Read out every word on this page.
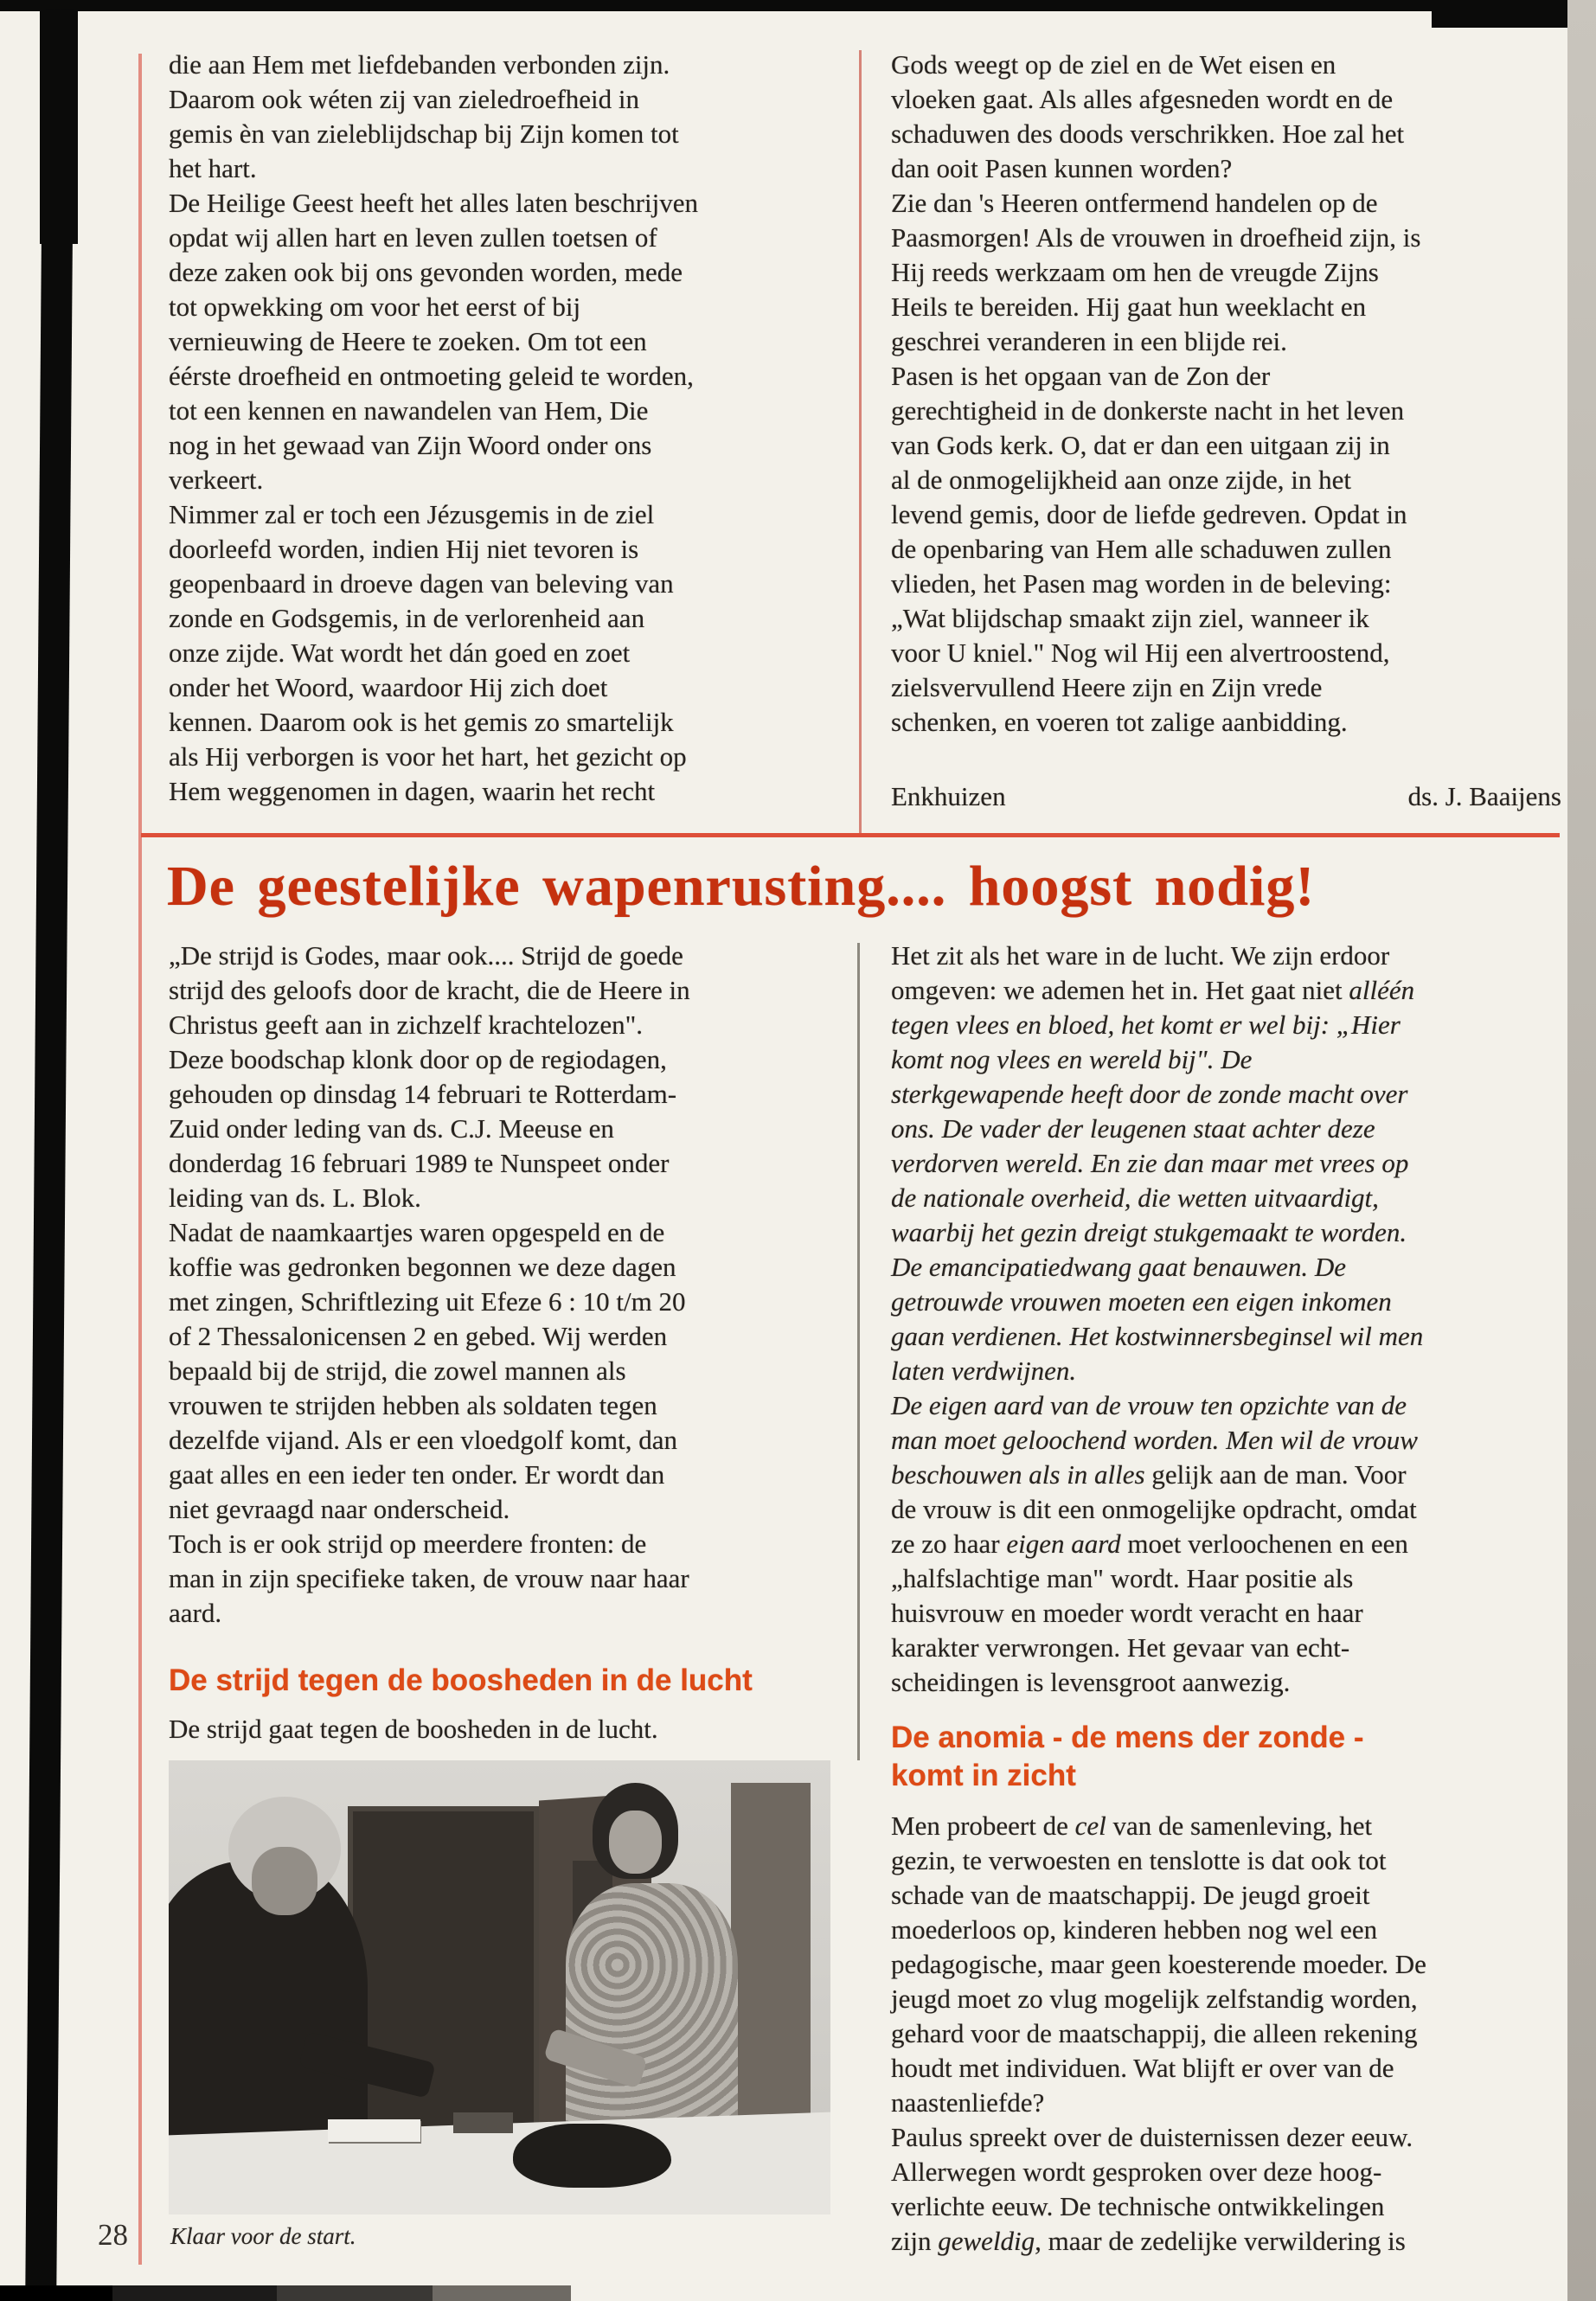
die aan Hem met liefdebanden verbonden zijn.
Daarom ook wéten zij van zieledroefheid in
gemis èn van zieleblijdschap bij Zijn komen tot
het hart.
De Heilige Geest heeft het alles laten beschrijven
opdat wij allen hart en leven zullen toetsen of
deze zaken ook bij ons gevonden worden, mede
tot opwekking om voor het eerst of bij
vernieuwing de Heere te zoeken. Om tot een
éérste droefheid en ontmoeting geleid te worden,
tot een kennen en nawandelen van Hem, Die
nog in het gewaad van Zijn Woord onder ons
verkeert.
Nimmer zal er toch een Jézusgemis in de ziel
doorleefd worden, indien Hij niet tevoren is
geopenbaard in droeve dagen van beleving van
zonde en Godsgemis, in de verlorenheid aan
onze zijde. Wat wordt het dán goed en zoet
onder het Woord, waardoor Hij zich doet
kennen. Daarom ook is het gemis zo smartelijk
als Hij verborgen is voor het hart, het gezicht op
Hem weggenomen in dagen, waarin het recht
Gods weegt op de ziel en de Wet eisen en
vloeken gaat. Als alles afgesneden wordt en de
schaduwen des doods verschrikken. Hoe zal het
dan ooit Pasen kunnen worden?
Zie dan 's Heeren ontfermend handelen op de
Paasmorgen! Als de vrouwen in droefheid zijn, is
Hij reeds werkzaam om hen de vreugde Zijns
Heils te bereiden. Hij gaat hun weeklacht en
geschrei veranderen in een blijde rei.
Pasen is het opgaan van de Zon der
gerechtigheid in de donkerste nacht in het leven
van Gods kerk. O, dat er dan een uitgaan zij in
al de onmogelijkheid aan onze zijde, in het
levend gemis, door de liefde gedreven. Opdat in
de openbaring van Hem alle schaduwen zullen
vlieden, het Pasen mag worden in de beleving:
„Wat blijdschap smaakt zijn ziel, wanneer ik
voor U kniel." Nog wil Hij een alvertroostend,
zielsvervullend Heere zijn en Zijn vrede
schenken, en voeren tot zalige aanbidding.
Enkhuizen	ds. J. Baaijens
De geestelijke wapenrusting.... hoogst nodig!
„De strijd is Godes, maar ook.... Strijd de goede
strijd des geloofs door de kracht, die de Heere in
Christus geeft aan in zichzelf krachtelozen".
Deze boodschap klonk door op de regiodagen,
gehouden op dinsdag 14 februari te Rotterdam-
Zuid onder leding van ds. C.J. Meeuse en
donderdag 16 februari 1989 te Nunspeet onder
leiding van ds. L. Blok.
Nadat de naamkaartjes waren opgespeld en de
koffie was gedronken begonnen we deze dagen
met zingen, Schriftlezing uit Efeze 6 : 10 t/m 20
of 2 Thessalonicensen 2 en gebed. Wij werden
bepaald bij de strijd, die zowel mannen als
vrouwen te strijden hebben als soldaten tegen
dezelfde vijand. Als er een vloedgolf komt, dan
gaat alles en een ieder ten onder. Er wordt dan
niet gevraagd naar onderscheid.
Toch is er ook strijd op meerdere fronten: de
man in zijn specifieke taken, de vrouw naar haar
aard.
De strijd tegen de boosheden in de lucht
De strijd gaat tegen de boosheden in de lucht.
Klaar voor de start.
28
Het zit als het ware in de lucht. We zijn erdoor
omgeven: we ademen het in. Het gaat niet alléén
tegen vlees en bloed, het komt er wel bij: „Hier
komt nog vlees en wereld bij". De
sterkgewapende heeft door de zonde macht over
ons. De vader der leugenen staat achter deze
verdorven wereld. En zie dan maar met vrees op
de nationale overheid, die wetten uitvaardigt,
waarbij het gezin dreigt stukgemaakt te worden.
De emancipatiedwang gaat benauwen. De
getrouwde vrouwen moeten een eigen inkomen
gaan verdienen. Het kostwinnersbeginsel wil men
laten verdwijnen.
De eigen aard van de vrouw ten opzichte van de
man moet geloochend worden. Men wil de vrouw
beschouwen als in alles gelijk aan de man. Voor
de vrouw is dit een onmogelijke opdracht, omdat
ze zo haar eigen aard moet verloochenen en een
„halfslachtige man" wordt. Haar positie als
huisvrouw en moeder wordt veracht en haar
karakter verwrongen. Het gevaar van echt-
scheidingen is levensgroot aanwezig.
De anomia - de mens der zonde -
komt in zicht
Men probeert de cel van de samenleving, het
gezin, te verwoesten en tenslotte is dat ook tot
schade van de maatschappij. De jeugd groeit
moederloos op, kinderen hebben nog wel een
pedagogische, maar geen koesterende moeder. De
jeugd moet zo vlug mogelijk zelfstandig worden,
gehard voor de maatschappij, die alleen rekening
houdt met individuen. Wat blijft er over van de
naastenliefde?
Paulus spreekt over de duisternissen dezer eeuw.
Allerwegen wordt gesproken over deze hoog-
verlichte eeuw. De technische ontwikkelingen
zijn geweldig, maar de zedelijke verwildering is
